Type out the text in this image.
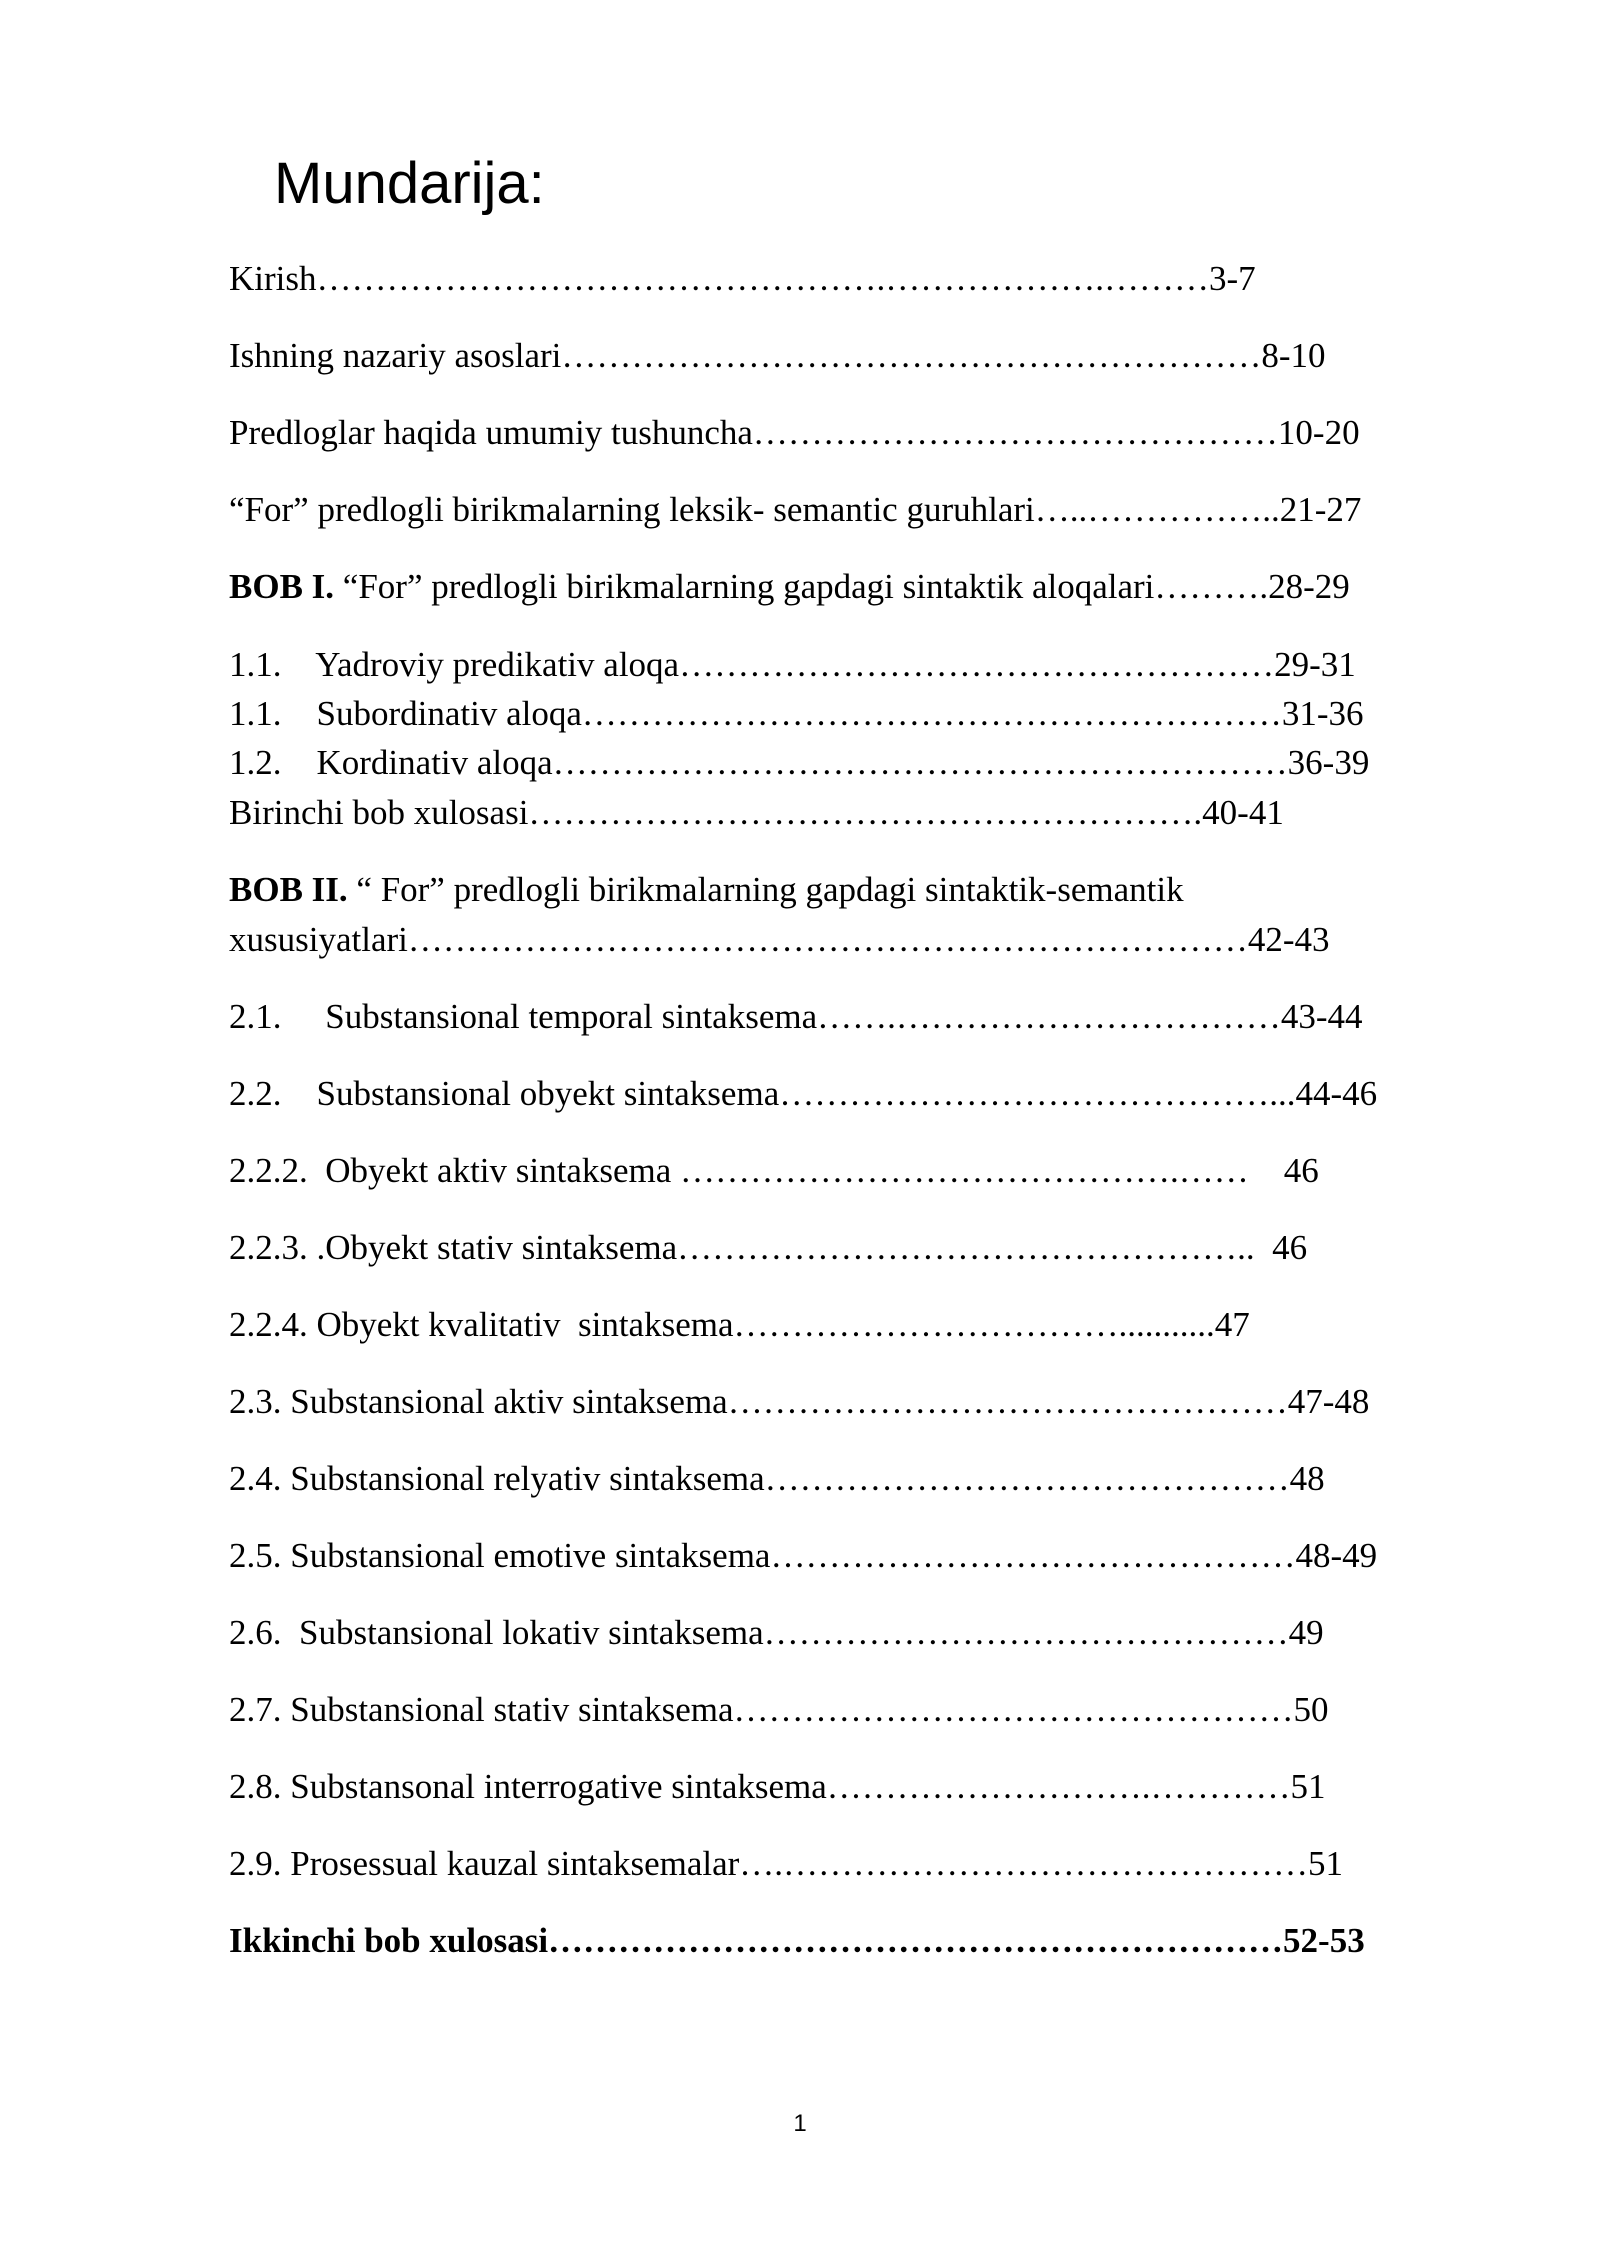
Mundarija:

Kirish………………………………………….……………….………3-7

Ishning nazariy asoslari……………………………………………………8-10

Predloglar haqida umumiy tushuncha………………………………………10-20

“For” predlogli birikmalarning leksik- semantic guruhlari…..……………..21-27

BOB I. “For” predlogli birikmalarning gapdagi sintaktik aloqalari……….28-29

1.1.    Yadroviy predikativ aloqa……………………………………………29-31

1.1.    Subordinativ aloqa……………………………………………………31-36

1.2.    Kordinativ aloqa………………………………………………………36-39

Birinchi bob xulosasi………………………………………………….40-41

BOB II. “ For” predlogli birikmalarning gapdagi sintaktik-semantik

xususiyatlari………………………………………………………………42-43

2.1.     Substansional temporal sintaksema…….……………………………43-44

2.2.    Substansional obyekt sintaksema……………………………………...44-46

2.2.2.  Obyekt aktiv sintaksema …………………………………….……    46

2.2.3. .Obyekt stativ sintaksema…………………………………………..  46

2.2.4. Obyekt kvalitativ  sintaksema……………………………...........47

2.3. Substansional aktiv sintaksema…………………………………………47-48

2.4. Substansional relyativ sintaksema………………………………………48

2.5. Substansional emotive sintaksema………………………………………48-49

2.6.  Substansional lokativ sintaksema………………………………………49

2.7. Substansional stativ sintaksema…………………………………………50

2.8. Substansonal interrogative sintaksema……………………….…………51

2.9. Prosessual kauzal sintaksemalar….………………………………………51

Ikkinchi bob xulosasi………………………………………………………52-53

1
